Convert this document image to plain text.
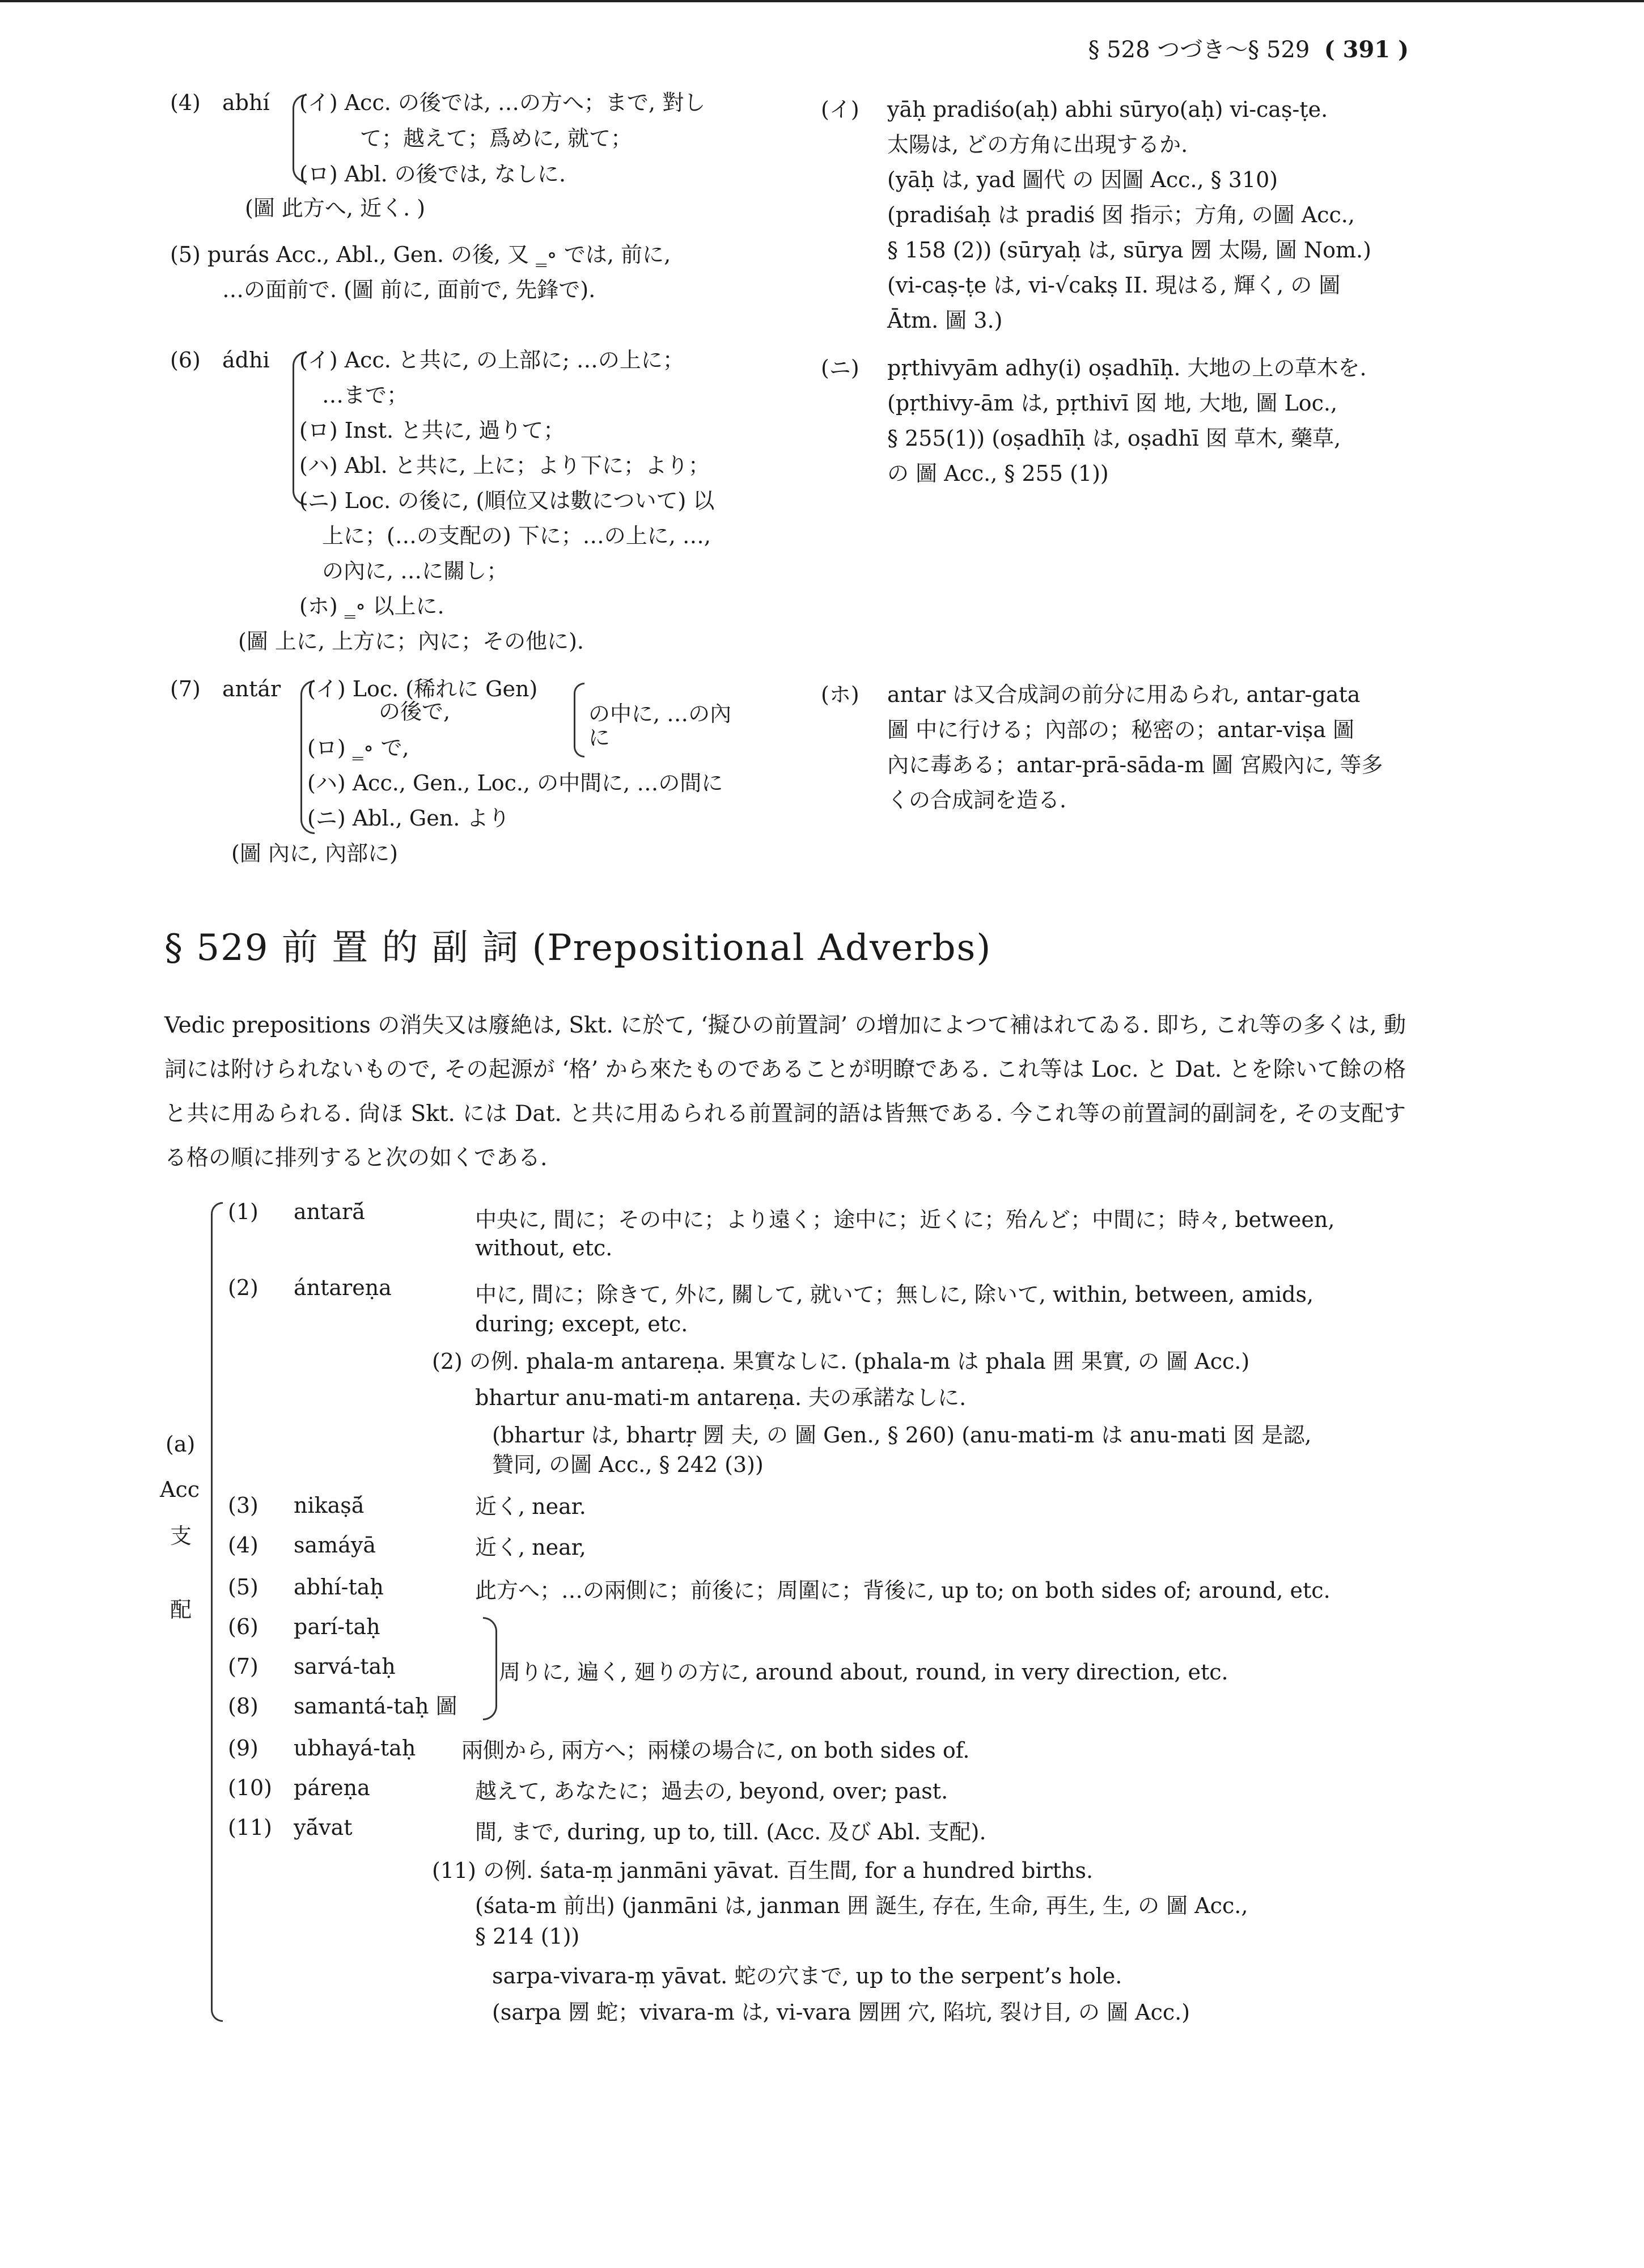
§ 528 つづき〜§ 529 ( 391 )
(4) abhí (イ) Acc. の後では, …の方へ；まで, 對し
て；越えて；爲めに, 就て；
(ロ) Abl. の後では, なしに.
(圖 此方へ, 近く. )
(5) purás Acc., Abl., Gen. の後, 又 ‗∘ では, 前に,
…の面前で. (圖 前に, 面前で, 先鋒で).
(6) ádhi (イ) Acc. と共に, の上部に; …の上に；
…まで；
(ロ) Inst. と共に, 過りて；
(ハ) Abl. と共に, 上に；より下に；より；
(ニ) Loc. の後に, (順位又は數について) 以
上に；(…の支配の) 下に；…の上に, …,
の內に, …に關し；
(ホ) ‗∘ 以上に.
(圖 上に, 上方に；內に；その他に).
(7) antár (イ) Loc. (稀れに Gen)
の後で,
(ロ) ‗∘ で,
の中に, …の內
に
(ハ) Acc., Gen., Loc., の中間に, …の間に
(ニ) Abl., Gen. より
(圖 內に, 內部に)
(イ) yāḥ pradiśo(aḥ) abhi sūryo(aḥ) vi-caṣ-ṭe.
太陽は, どの方角に出現するか.
(yāḥ は, yad 圖代 の 因圖 Acc., § 310)
(pradiśaḥ は pradiś 囡 指示；方角, の圖 Acc.,
§ 158 (2)) (sūryaḥ は, sūrya 圐 太陽, 圖 Nom.)
(vi-caṣ-ṭe は, vi-√cakṣ II. 現はる, 輝く, の 圖
Ātm. 圖 3.)
(ニ) pṛthivyām adhy(i) oṣadhīḥ. 大地の上の草木を.
(pṛthivy-ām は, pṛthivī 囡 地, 大地, 圖 Loc.,
§ 255(1)) (oṣadhīḥ は, oṣadhī 囡 草木, 藥草,
の 圖 Acc., § 255 (1))
(ホ) antar は又合成詞の前分に用ゐられ, antar-gata
圖 中に行ける；內部の；秘密の；antar-viṣa 圖
內に毒ある；antar-prā-sāda-m 圖 宮殿內に, 等多
くの合成詞を造る.
§ 529 前 置 的 副 詞 (Prepositional Adverbs)
Vedic prepositions の消失又は廢絶は, Skt. に於て, ‘擬ひの前置詞’ の增加によつて補はれてゐる. 即ち, これ等の多くは, 動詞には附けられないもので, その起源が ‘格’ から來たものであることが明瞭である. これ等は Loc. と Dat. とを除いて餘の格と共に用ゐられる. 尙ほ Skt. には Dat. と共に用ゐられる前置詞的語は皆無である. 今これ等の前置詞的副詞を, その支配する格の順に排列すると次の如くである.
(a)
Acc
支
配
(1) antarā́	中央に, 間に；その中に；より遠く；途中に；近くに；殆んど；中間に；時々, between,
without, etc.
(2) ántareṇa	中に, 間に；除きて, 外に, 關して, 就いて；無しに, 除いて, within, between, amids,
during; except, etc.
(2) の例. phala-m antareṇa. 果實なしに. (phala-m は phala 囲 果實, の 圖 Acc.)
bhartur anu-mati-m antareṇa. 夫の承諾なしに.
(bhartur は, bhartṛ 圐 夫, の 圖 Gen., § 260) (anu-mati-m は anu-mati 囡 是認,
贊同, の圖 Acc., § 242 (3))
(3) nikaṣā́	近く, near.
(4) samáyā	近く, near,
(5) abhí-taḥ	此方へ；…の兩側に；前後に；周圍に；背後に, up to; on both sides of; around, etc.
(6) parí-taḥ
(7) sarvá-taḥ
(8) samantá-taḥ 圖
周りに, 遍く, 廻りの方に, around about, round, in very direction, etc.
(9) ubhayá-taḥ 兩側から, 兩方へ；兩樣の場合に, on both sides of.
(10) páreṇa	越えて, あなたに；過去の, beyond, over; past.
(11) yā́vat	間, まで, during, up to, till. (Acc. 及び Abl. 支配).
(11) の例. śata-ṃ janmāni yāvat. 百生間, for a hundred births.
(śata-m 前出) (janmāni は, janman 囲 誕生, 存在, 生命, 再生, 生, の 圖 Acc.,
§ 214 (1))
sarpa-vivara-ṃ yāvat. 蛇の穴まで, up to the serpent’s hole.
(sarpa 圐 蛇；vivara-m は, vi-vara 圐囲 穴, 陷坑, 裂け目, の 圖 Acc.)
